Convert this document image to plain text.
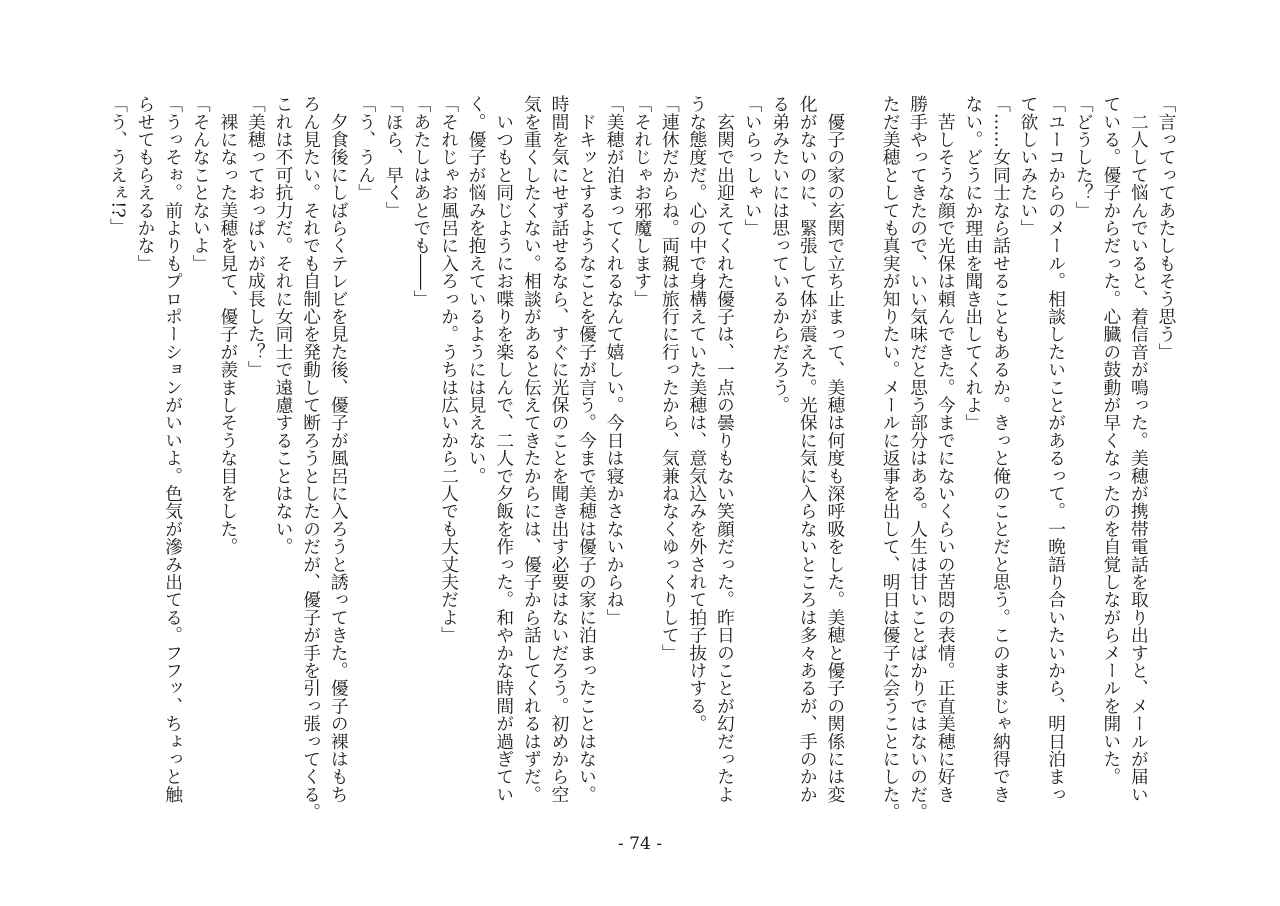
「言ってってあたしもそう思う」
　二人して悩んでいると、着信音が鳴った。美穂が携帯電話を取り出すと、メールが届い
ている。優子からだった。心臓の鼓動が早くなったのを自覚しながらメールを開いた。
「どうした？」
「ユーコからのメール。相談したいことがあるって。一晩語り合いたいから、明日泊まっ
て欲しいみたい」
「……女同士なら話せることもあるか。きっと俺のことだと思う。このままじゃ納得でき
ない。どうにか理由を聞き出してくれよ」
　苦しそうな顔で光保は頼んできた。今までにないくらいの苦悶の表情。正直美穂に好き
勝手やってきたので、いい気味だと思う部分はある。人生は甘いことばかりではないのだ。
ただ美穂としても真実が知りたい。メールに返事を出して、明日は優子に会うことにした。
　優子の家の玄関で立ち止まって、美穂は何度も深呼吸をした。美穂と優子の関係には変
化がないのに、緊張して体が震えた。光保に気に入らないところは多々あるが、手のかか
る弟みたいには思っているからだろう。
「いらっしゃい」
　玄関で出迎えてくれた優子は、一点の曇りもない笑顔だった。昨日のことが幻だったよ
うな態度だ。心の中で身構えていた美穂は、意気込みを外されて拍子抜けする。
「連休だからね。両親は旅行に行ったから、気兼ねなくゆっくりして」
「それじゃお邪魔します」
「美穂が泊まってくれるなんて嬉しい。今日は寝かさないからね」
　ドキッとするようなことを優子が言う。今まで美穂は優子の家に泊まったことはない。
時間を気にせず話せるなら、すぐに光保のことを聞き出す必要はないだろう。初めから空
気を重くしたくない。相談があると伝えてきたからには、優子から話してくれるはずだ。
　いつもと同じようにお喋りを楽しんで、二人で夕飯を作った。和やかな時間が過ぎてい
く。優子が悩みを抱えているようには見えない。
「それじゃお風呂に入ろっか。うちは広いから二人でも大丈夫だよ」
「あたしはあとでも――」
「ほら、早く」
「う、うん」
　夕食後にしばらくテレビを見た後、優子が風呂に入ろうと誘ってきた。優子の裸はもち
ろん見たい。それでも自制心を発動して断ろうとしたのだが、優子が手を引っ張ってくる。
これは不可抗力だ。それに女同士で遠慮することはない。
「美穂っておっぱいが成長した？」
　裸になった美穂を見て、優子が羨ましそうな目をした。
「そんなことないよ」
「うっそぉ。前よりもプロポーションがいいよ。色気が滲み出てる。フフッ、ちょっと触
らせてもらえるかな」
「う、うえぇ!?」
- 74 -
